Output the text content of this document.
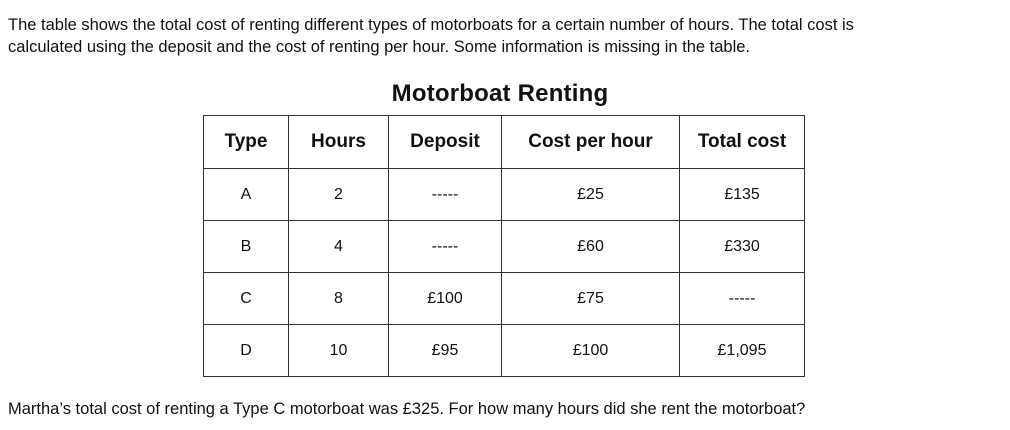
The table shows the total cost of renting different types of motorboats for a certain number of hours. The total cost is

calculated using the deposit and the cost of renting per hour. Some information is missing in the table.

Motorboat Renting
Type	Hours	Deposit	Cost per hour	Total cost
A	2	-----	£25	£135
B	4	-----	£60	£330
C	8	£100	£75	-----
D	10	£95	£100	£1,095
Martha’s total cost of renting a Type C motorboat was £325. For how many hours did she rent the motorboat?
